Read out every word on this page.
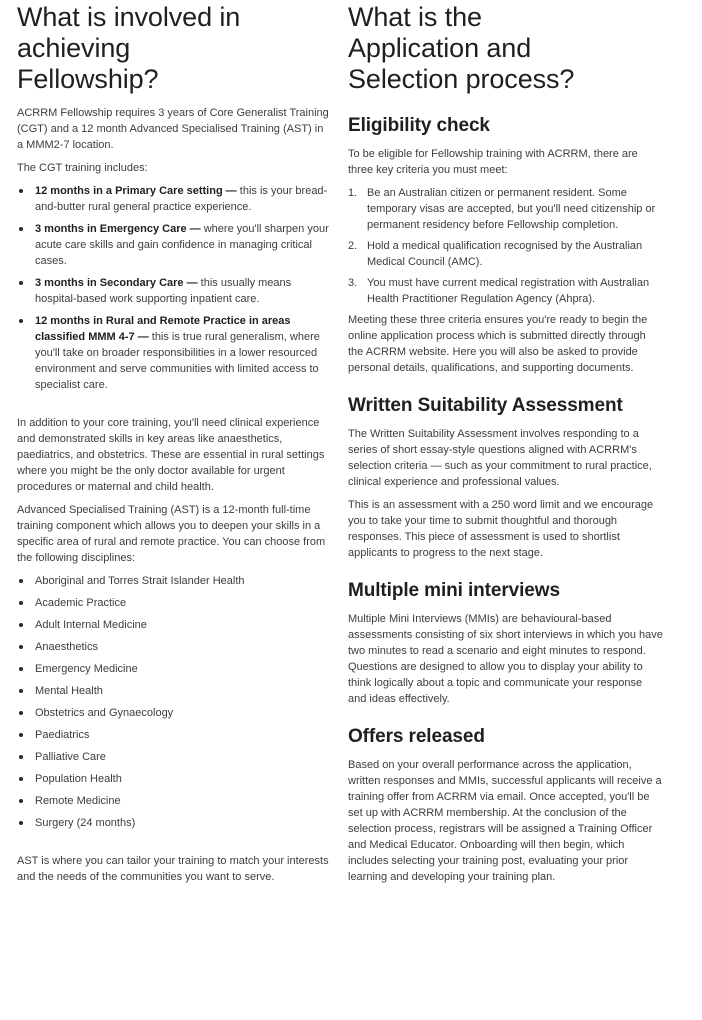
What is involved in achieving Fellowship?

ACRRM Fellowship requires 3 years of Core Generalist Training (CGT) and a 12 month Advanced Specialised Training (AST) in a MMM2-7 location.

The CGT training includes:

12 months in a Primary Care setting — this is your bread-and-butter rural general practice experience.
3 months in Emergency Care — where you'll sharpen your acute care skills and gain confidence in managing critical cases.
3 months in Secondary Care — this usually means hospital-based work supporting inpatient care.
12 months in Rural and Remote Practice in areas classified MMM 4-7 — this is true rural generalism, where you'll take on broader responsibilities in a lower resourced environment and serve communities with limited access to specialist care.

In addition to your core training, you'll need clinical experience and demonstrated skills in key areas like anaesthetics, paediatrics, and obstetrics. These are essential in rural settings where you might be the only doctor available for urgent procedures or maternal and child health.

Advanced Specialised Training (AST) is a 12-month full-time training component which allows you to deepen your skills in a specific area of rural and remote practice. You can choose from the following disciplines:

Aboriginal and Torres Strait Islander Health
Academic Practice
Adult Internal Medicine
Anaesthetics
Emergency Medicine
Mental Health
Obstetrics and Gynaecology
Paediatrics
Palliative Care
Population Health
Remote Medicine
Surgery (24 months)

AST is where you can tailor your training to match your interests and the needs of the communities you want to serve.

What is the Application and Selection process?
Eligibility check

To be eligible for Fellowship training with ACRRM, there are three key criteria you must meet:

1. Be an Australian citizen or permanent resident. Some temporary visas are accepted, but you'll need citizenship or permanent residency before Fellowship completion.
2. Hold a medical qualification recognised by the Australian Medical Council (AMC).
3. You must have current medical registration with Australian Health Practitioner Regulation Agency (Ahpra).

Meeting these three criteria ensures you're ready to begin the online application process which is submitted directly through the ACRRM website. Here you will also be asked to provide personal details, qualifications, and supporting documents.

Written Suitability Assessment

The Written Suitability Assessment involves responding to a series of short essay-style questions aligned with ACRRM's selection criteria — such as your commitment to rural practice, clinical experience and professional values.

This is an assessment with a 250 word limit and we encourage you to take your time to submit thoughtful and thorough responses. This piece of assessment is used to shortlist applicants to progress to the next stage.

Multiple mini interviews

Multiple Mini Interviews (MMIs) are behavioural-based assessments consisting of six short interviews in which you have two minutes to read a scenario and eight minutes to respond. Questions are designed to allow you to display your ability to think logically about a topic and communicate your response and ideas effectively.

Offers released

Based on your overall performance across the application, written responses and MMIs, successful applicants will receive a training offer from ACRRM via email. Once accepted, you'll be set up with ACRRM membership. At the conclusion of the selection process, registrars will be assigned a Training Officer and Medical Educator. Onboarding will then begin, which includes selecting your training post, evaluating your prior learning and developing your training plan.
